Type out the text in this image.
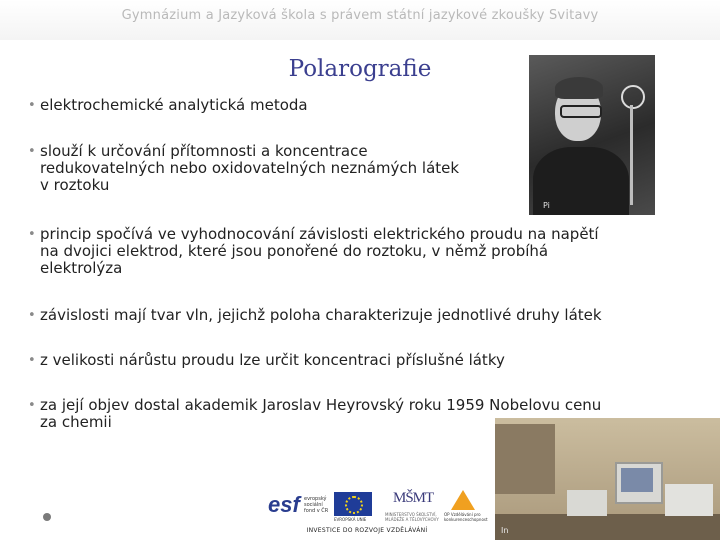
Gymnázium a Jazyková škola s právem státní jazykové zkoušky Svitavy
Polarografie
• elektrochemické analytická metoda
• slouží k určování přítomnosti a koncentrace
redukovatelných nebo oxidovatelných neznámých látek
v roztoku
• princip spočívá ve vyhodnocování závislosti elektrického proudu na napětí
na dvojici elektrod, které jsou ponořené do roztoku, v němž probíhá
elektrolýza
• závislosti mají tvar vln, jejichž poloha charakterizuje jednotlivé druhy látek
• z velikosti nárůstu proudu lze určit koncentraci příslušné látky
• za její objev dostal akademik Jaroslav Heyrovský roku 1959 Nobelovu cenu
za chemii
Pi
In
esf evropský sociální fond v ČR
EVROPSKÁ UNIE
MŠMT
MINISTERSTVO ŠKOLSTVÍ, MLÁDEŽE A TĚLOVÝCHOVY
OP Vzdělávání pro konkurenceschopnost
INVESTICE DO ROZVOJE VZDĚLÁVÁNÍ
